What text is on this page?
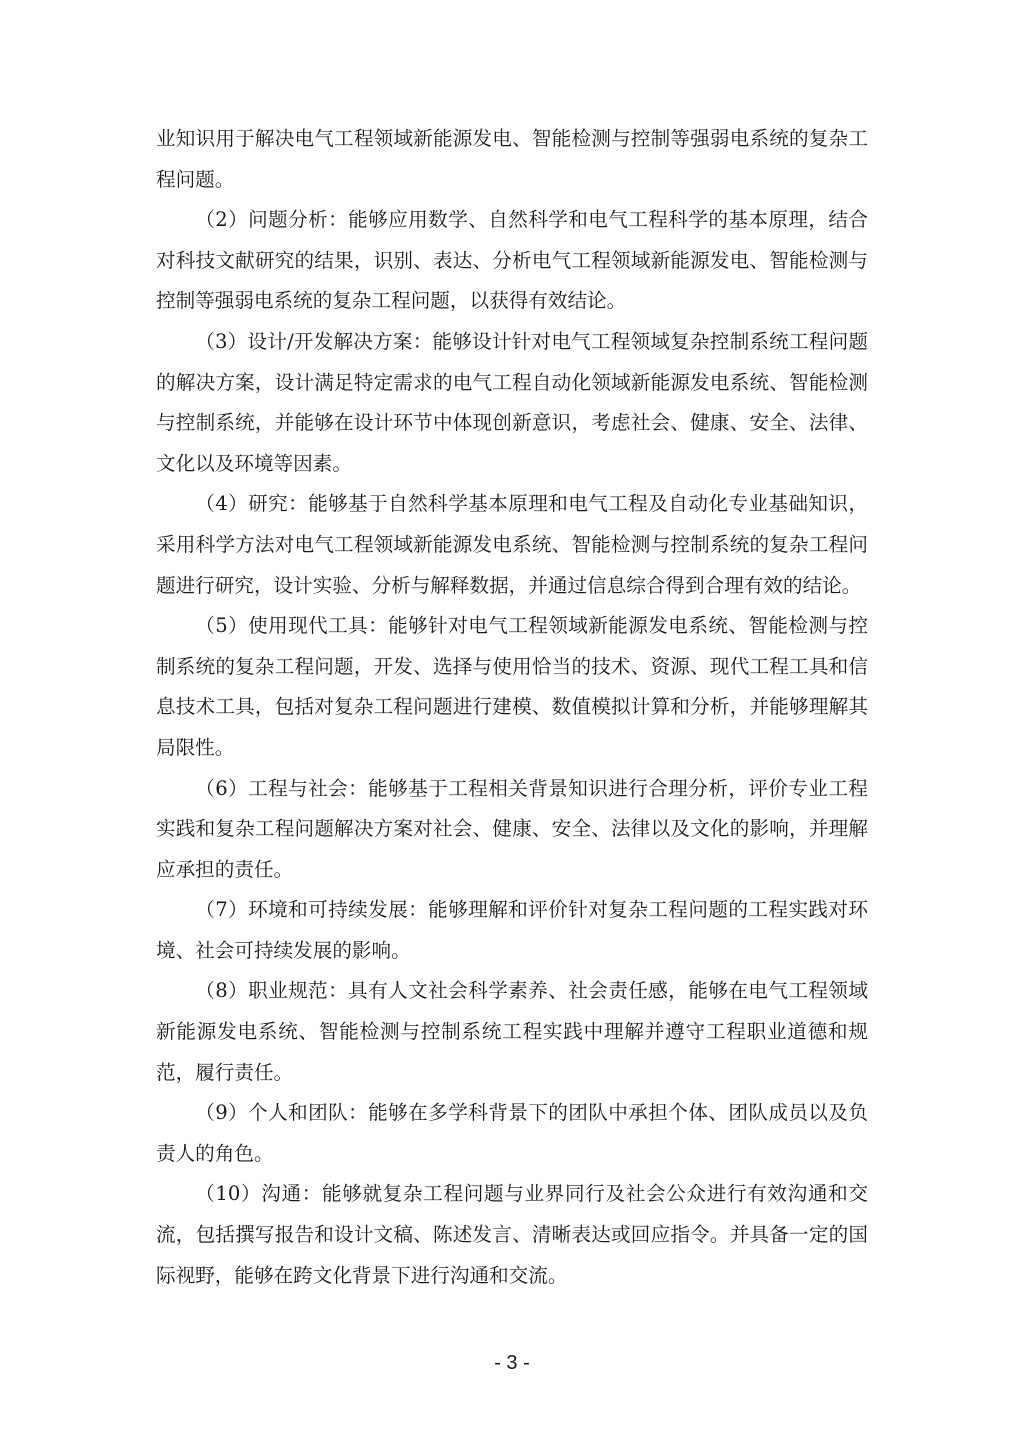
业知识用于解决电气工程领域新能源发电、智能检测与控制等强弱电系统的复杂工程问题。

（2）问题分析：能够应用数学、自然科学和电气工程科学的基本原理，结合对科技文献研究的结果，识别、表达、分析电气工程领域新能源发电、智能检测与控制等强弱电系统的复杂工程问题，以获得有效结论。

（3）设计/开发解决方案：能够设计针对电气工程领域复杂控制系统工程问题的解决方案，设计满足特定需求的电气工程自动化领域新能源发电系统、智能检测与控制系统，并能够在设计环节中体现创新意识，考虑社会、健康、安全、法律、文化以及环境等因素。

（4）研究：能够基于自然科学基本原理和电气工程及自动化专业基础知识，采用科学方法对电气工程领域新能源发电系统、智能检测与控制系统的复杂工程问题进行研究，设计实验、分析与解释数据，并通过信息综合得到合理有效的结论。

（5）使用现代工具：能够针对电气工程领域新能源发电系统、智能检测与控制系统的复杂工程问题，开发、选择与使用恰当的技术、资源、现代工程工具和信息技术工具，包括对复杂工程问题进行建模、数值模拟计算和分析，并能够理解其局限性。

（6）工程与社会：能够基于工程相关背景知识进行合理分析，评价专业工程实践和复杂工程问题解决方案对社会、健康、安全、法律以及文化的影响，并理解应承担的责任。

（7）环境和可持续发展：能够理解和评价针对复杂工程问题的工程实践对环境、社会可持续发展的影响。

（8）职业规范：具有人文社会科学素养、社会责任感，能够在电气工程领域新能源发电系统、智能检测与控制系统工程实践中理解并遵守工程职业道德和规范，履行责任。

（9）个人和团队：能够在多学科背景下的团队中承担个体、团队成员以及负责人的角色。

（10）沟通：能够就复杂工程问题与业界同行及社会公众进行有效沟通和交流，包括撰写报告和设计文稿、陈述发言、清晰表达或回应指令。并具备一定的国际视野，能够在跨文化背景下进行沟通和交流。

- 3 -
